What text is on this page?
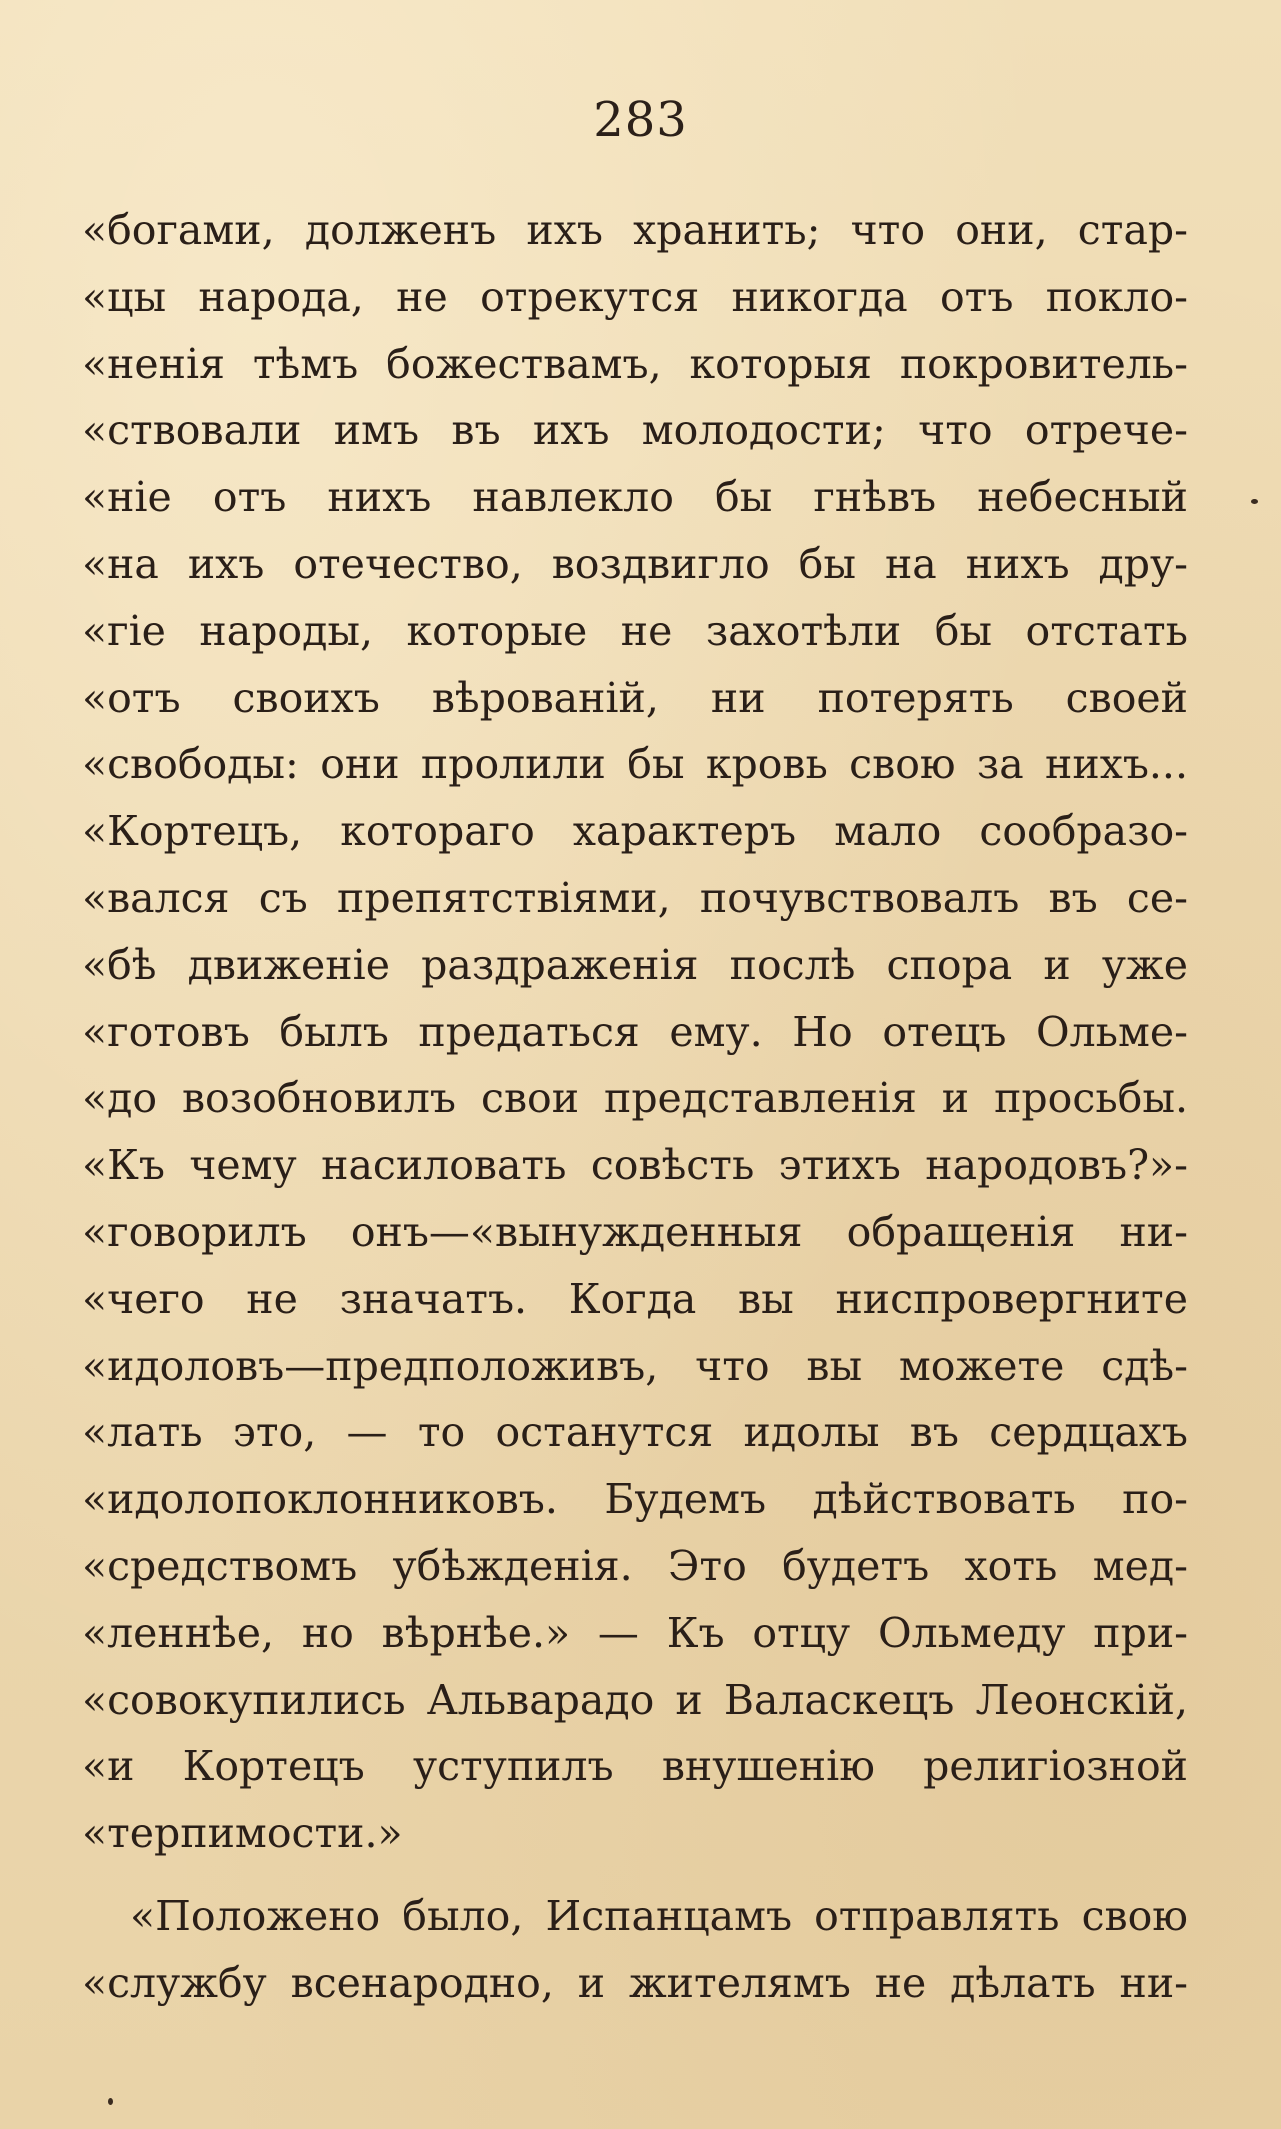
283
«богами, долженъ ихъ хранить; что они, стар-
«цы народа, не отрекутся никогда отъ покло-
«ненія тѣмъ божествамъ, которыя покровитель-
«ствовали имъ въ ихъ молодости; что отрече-
«ніе отъ нихъ навлекло бы гнѣвъ небесный
«на ихъ отечество, воздвигло бы на нихъ дру-
«гіе народы, которые не захотѣли бы отстать
«отъ своихъ вѣрованій, ни потерять своей
«свободы: они пролили бы кровь свою за нихъ...
«Кортецъ, котораго характеръ мало сообразо-
«вался съ препятствіями, почувствовалъ въ се-
«бѣ движеніе раздраженія послѣ спора и уже
«готовъ былъ предаться ему. Но отецъ Ольме-
«до возобновилъ свои представленія и просьбы.
«Къ чему насиловать совѣсть этихъ народовъ?»-
«говорилъ онъ—«вынужденныя обращенія ни-
«чего не значатъ. Когда вы ниспровергните
«идоловъ—предположивъ, что вы можете сдѣ-
«лать это, — то останутся идолы въ сердцахъ
«идолопоклонниковъ. Будемъ дѣйствовать по-
«средствомъ убѣжденія. Это будетъ хоть мед-
«леннѣе, но вѣрнѣе.» — Къ отцу Ольмеду при-
«совокупились Альварадо и Валаскецъ Леонскій,
«и Кортецъ уступилъ внушенію религіозной
«терпимости.»
«Положено было, Испанцамъ отправлять свою
«службу всенародно, и жителямъ не дѣлать ни-
